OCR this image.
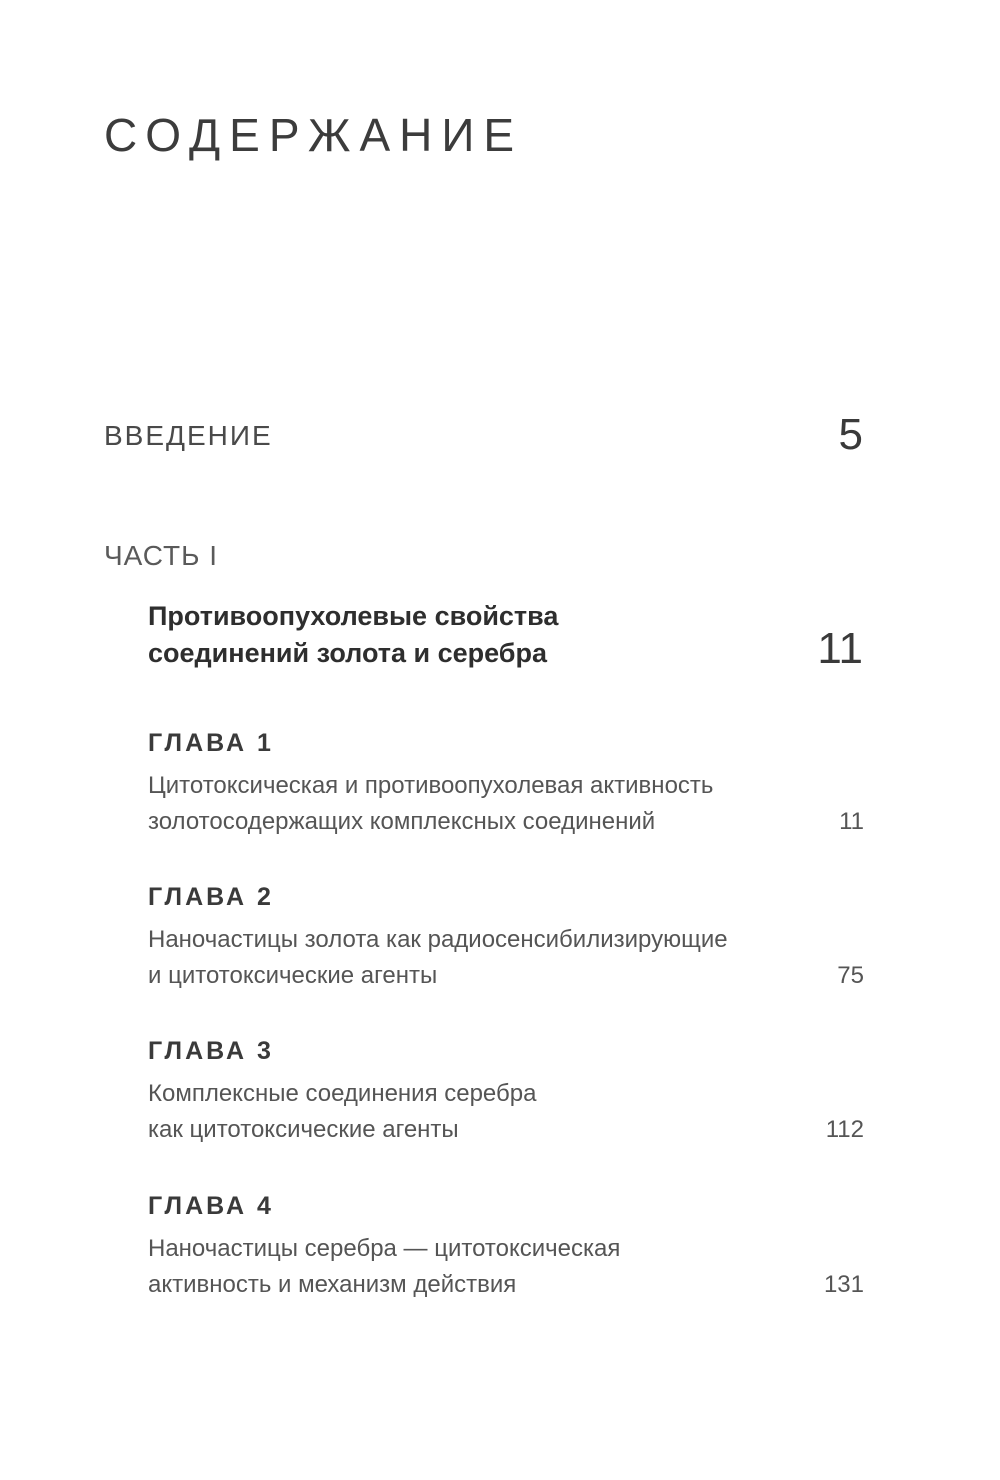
СОДЕРЖАНИЕ
ВВЕДЕНИЕ	5
ЧАСТЬ I
Противоопухолевые свойства
соединений золота и серебра	11
ГЛАВА 1
Цитотоксическая и противоопухолевая активность
золотосодержащих комплексных соединений	11
ГЛАВА 2
Наночастицы золота как радиосенсибилизирующие
и цитотоксические агенты	75
ГЛАВА 3
Комплексные соединения серебра
как цитотоксические агенты	112
ГЛАВА 4
Наночастицы серебра — цитотоксическая
активность и механизм действия	131
